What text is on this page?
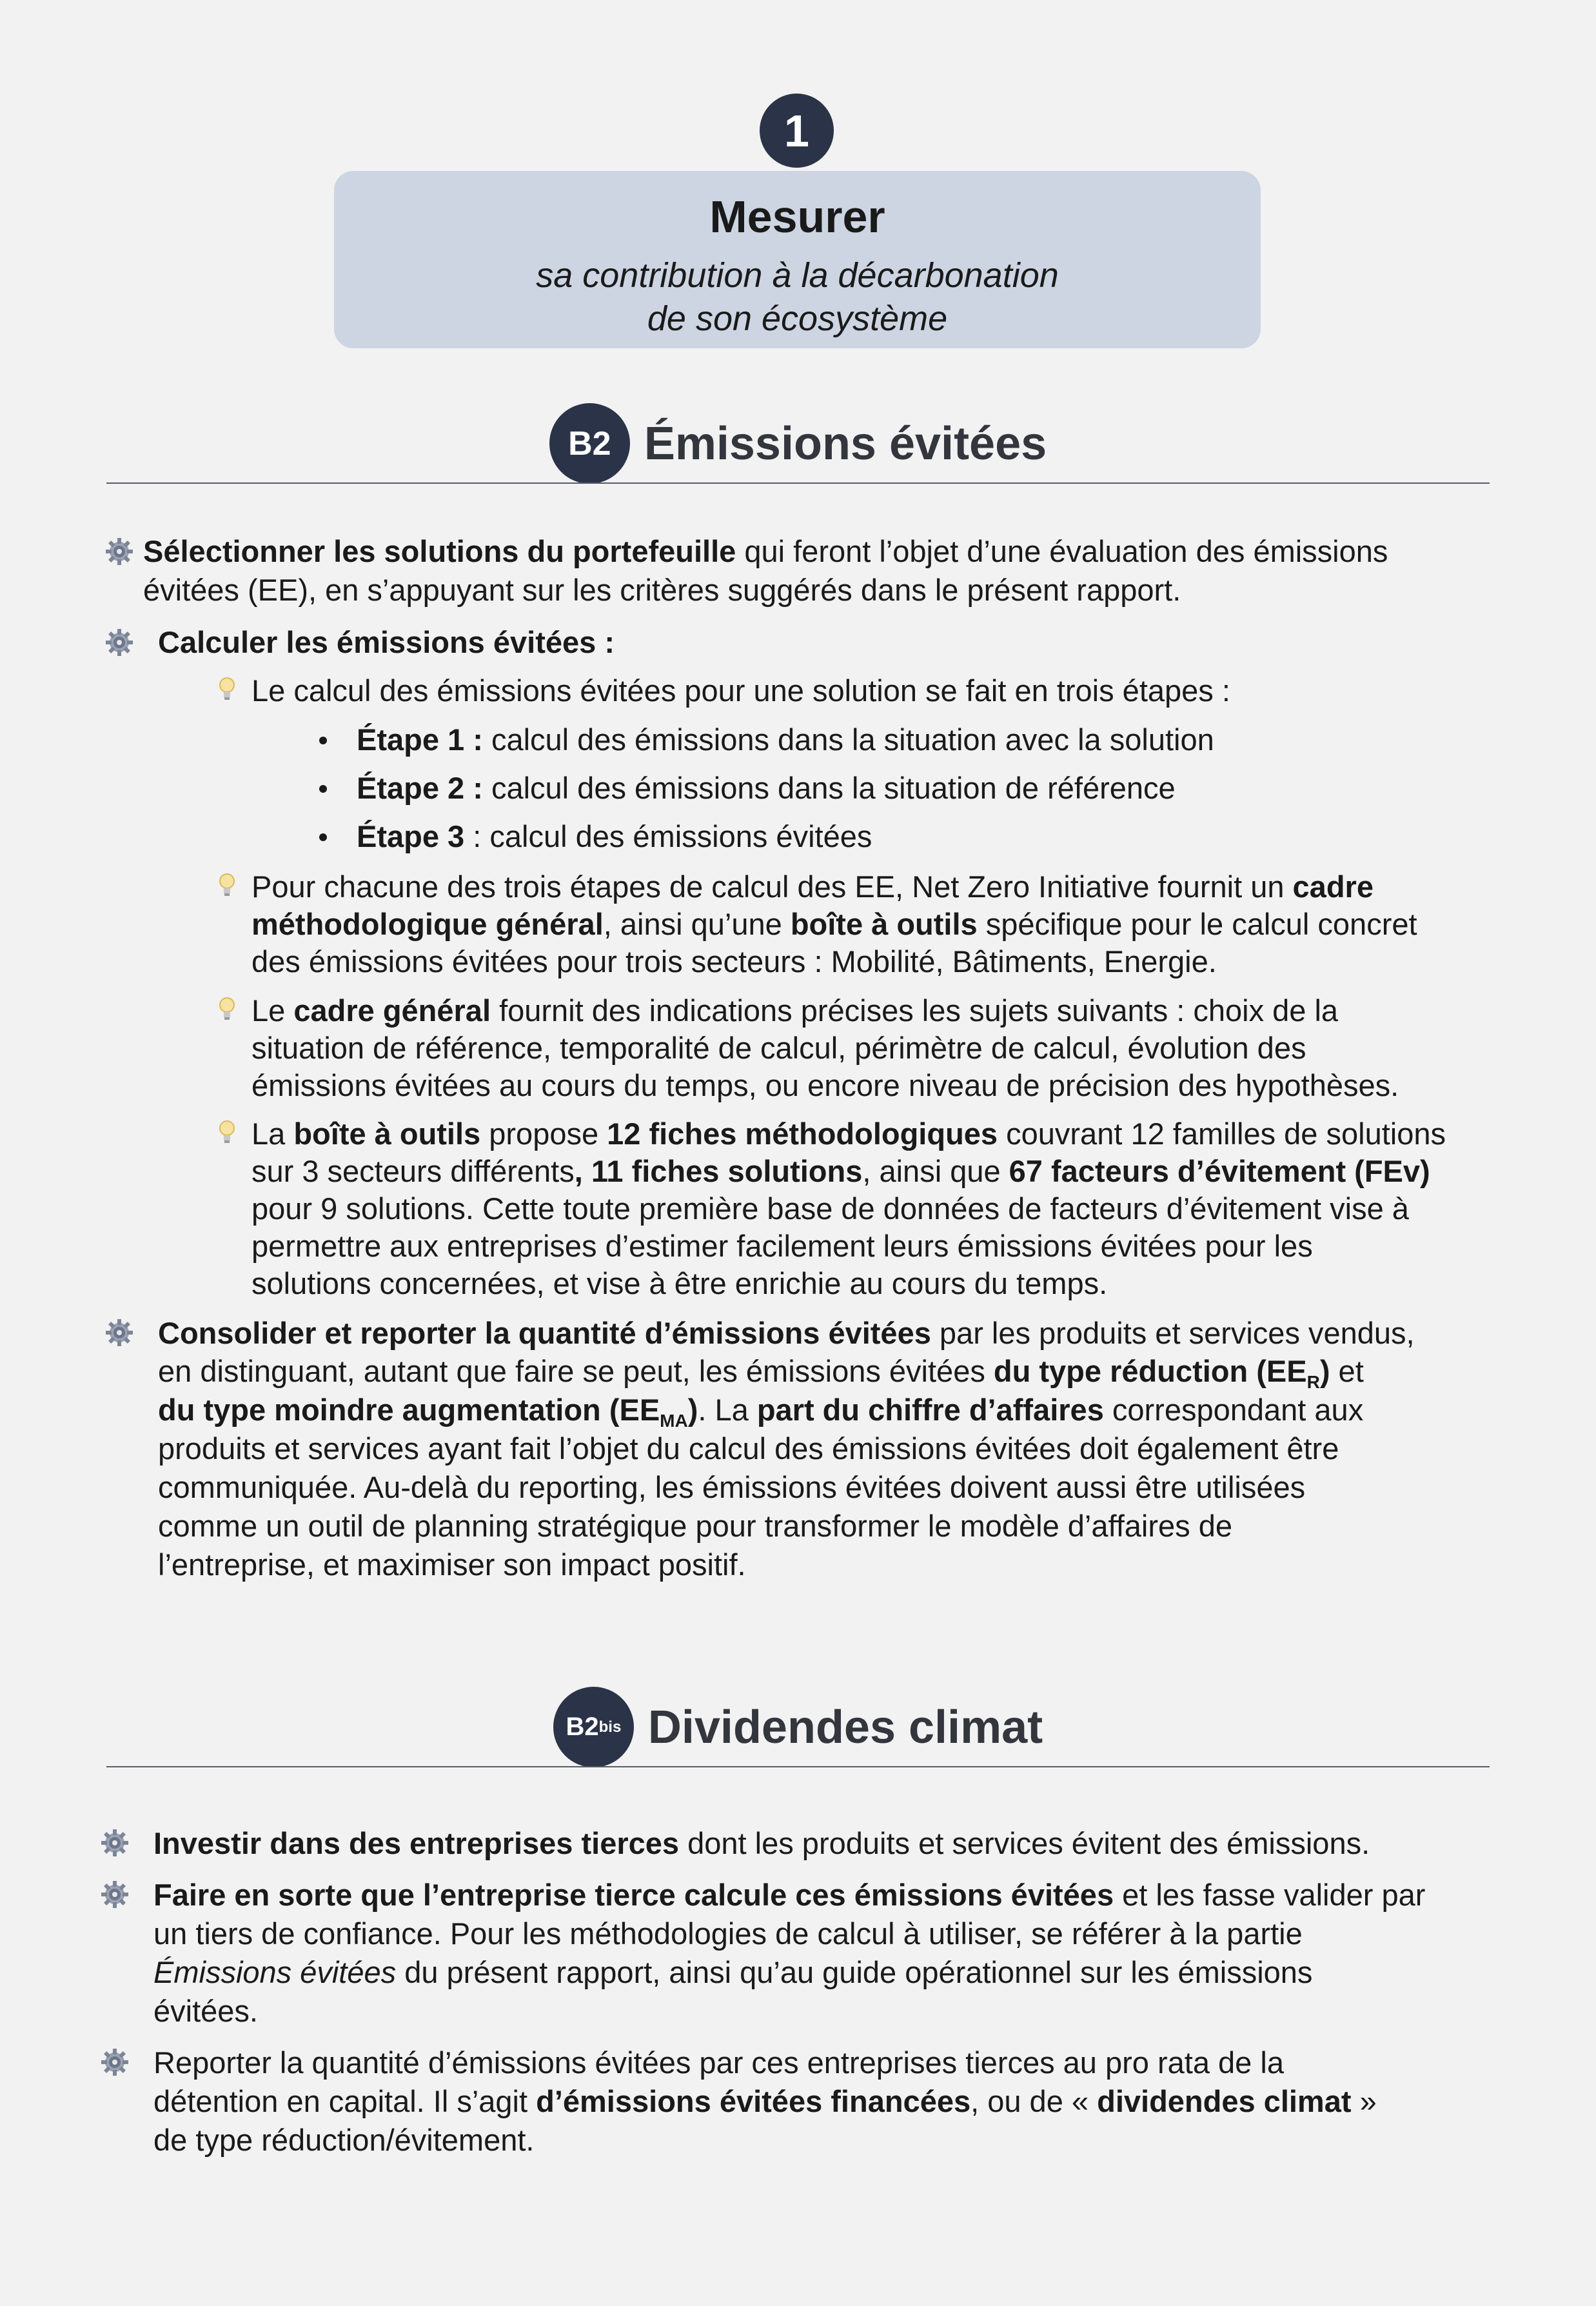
1
Mesurer
sa contribution à la décarbonation
de son écosystème
B2 Émissions évitées
Sélectionner les solutions du portefeuille qui feront l’objet d’une évaluation des émissions
évitées (EE), en s’appuyant sur les critères suggérés dans le présent rapport.
Calculer les émissions évitées :
Le calcul des émissions évitées pour une solution se fait en trois étapes :
Étape 1 : calcul des émissions dans la situation avec la solution
Étape 2 : calcul des émissions dans la situation de référence
Étape 3 : calcul des émissions évitées
Pour chacune des trois étapes de calcul des EE, Net Zero Initiative fournit un cadre
méthodologique général, ainsi qu’une boîte à outils spécifique pour le calcul concret
des émissions évitées pour trois secteurs : Mobilité, Bâtiments, Energie.
Le cadre général fournit des indications précises les sujets suivants : choix de la
situation de référence, temporalité de calcul, périmètre de calcul, évolution des
émissions évitées au cours du temps, ou encore niveau de précision des hypothèses.
La boîte à outils propose 12 fiches méthodologiques couvrant 12 familles de solutions
sur 3 secteurs différents, 11 fiches solutions, ainsi que 67 facteurs d’évitement (FEv)
pour 9 solutions. Cette toute première base de données de facteurs d’évitement vise à
permettre aux entreprises d’estimer facilement leurs émissions évitées pour les
solutions concernées, et vise à être enrichie au cours du temps.
Consolider et reporter la quantité d’émissions évitées par les produits et services vendus,
en distinguant, autant que faire se peut, les émissions évitées du type réduction $(EE_R)$ et
du type moindre augmentation $(EE_{MA})$. La part du chiffre d’affaires correspondant aux
produits et services ayant fait l’objet du calcul des émissions évitées doit également être
communiquée. Au-delà du reporting, les émissions évitées doivent aussi être utilisées
comme un outil de planning stratégique pour transformer le modèle d’affaires de
l’entreprise, et maximiser son impact positif.
B2 bis Dividendes climat
Investir dans des entreprises tierces dont les produits et services évitent des émissions.
Faire en sorte que l’entreprise tierce calcule ces émissions évitées et les fasse valider par
un tiers de confiance. Pour les méthodologies de calcul à utiliser, se référer à la partie
Émissions évitées du présent rapport, ainsi qu’au guide opérationnel sur les émissions
évitées.
Reporter la quantité d’émissions évitées par ces entreprises tierces au pro rata de la
détention en capital. Il s’agit d’émissions évitées financées, ou de « dividendes climat »
de type réduction/évitement.
